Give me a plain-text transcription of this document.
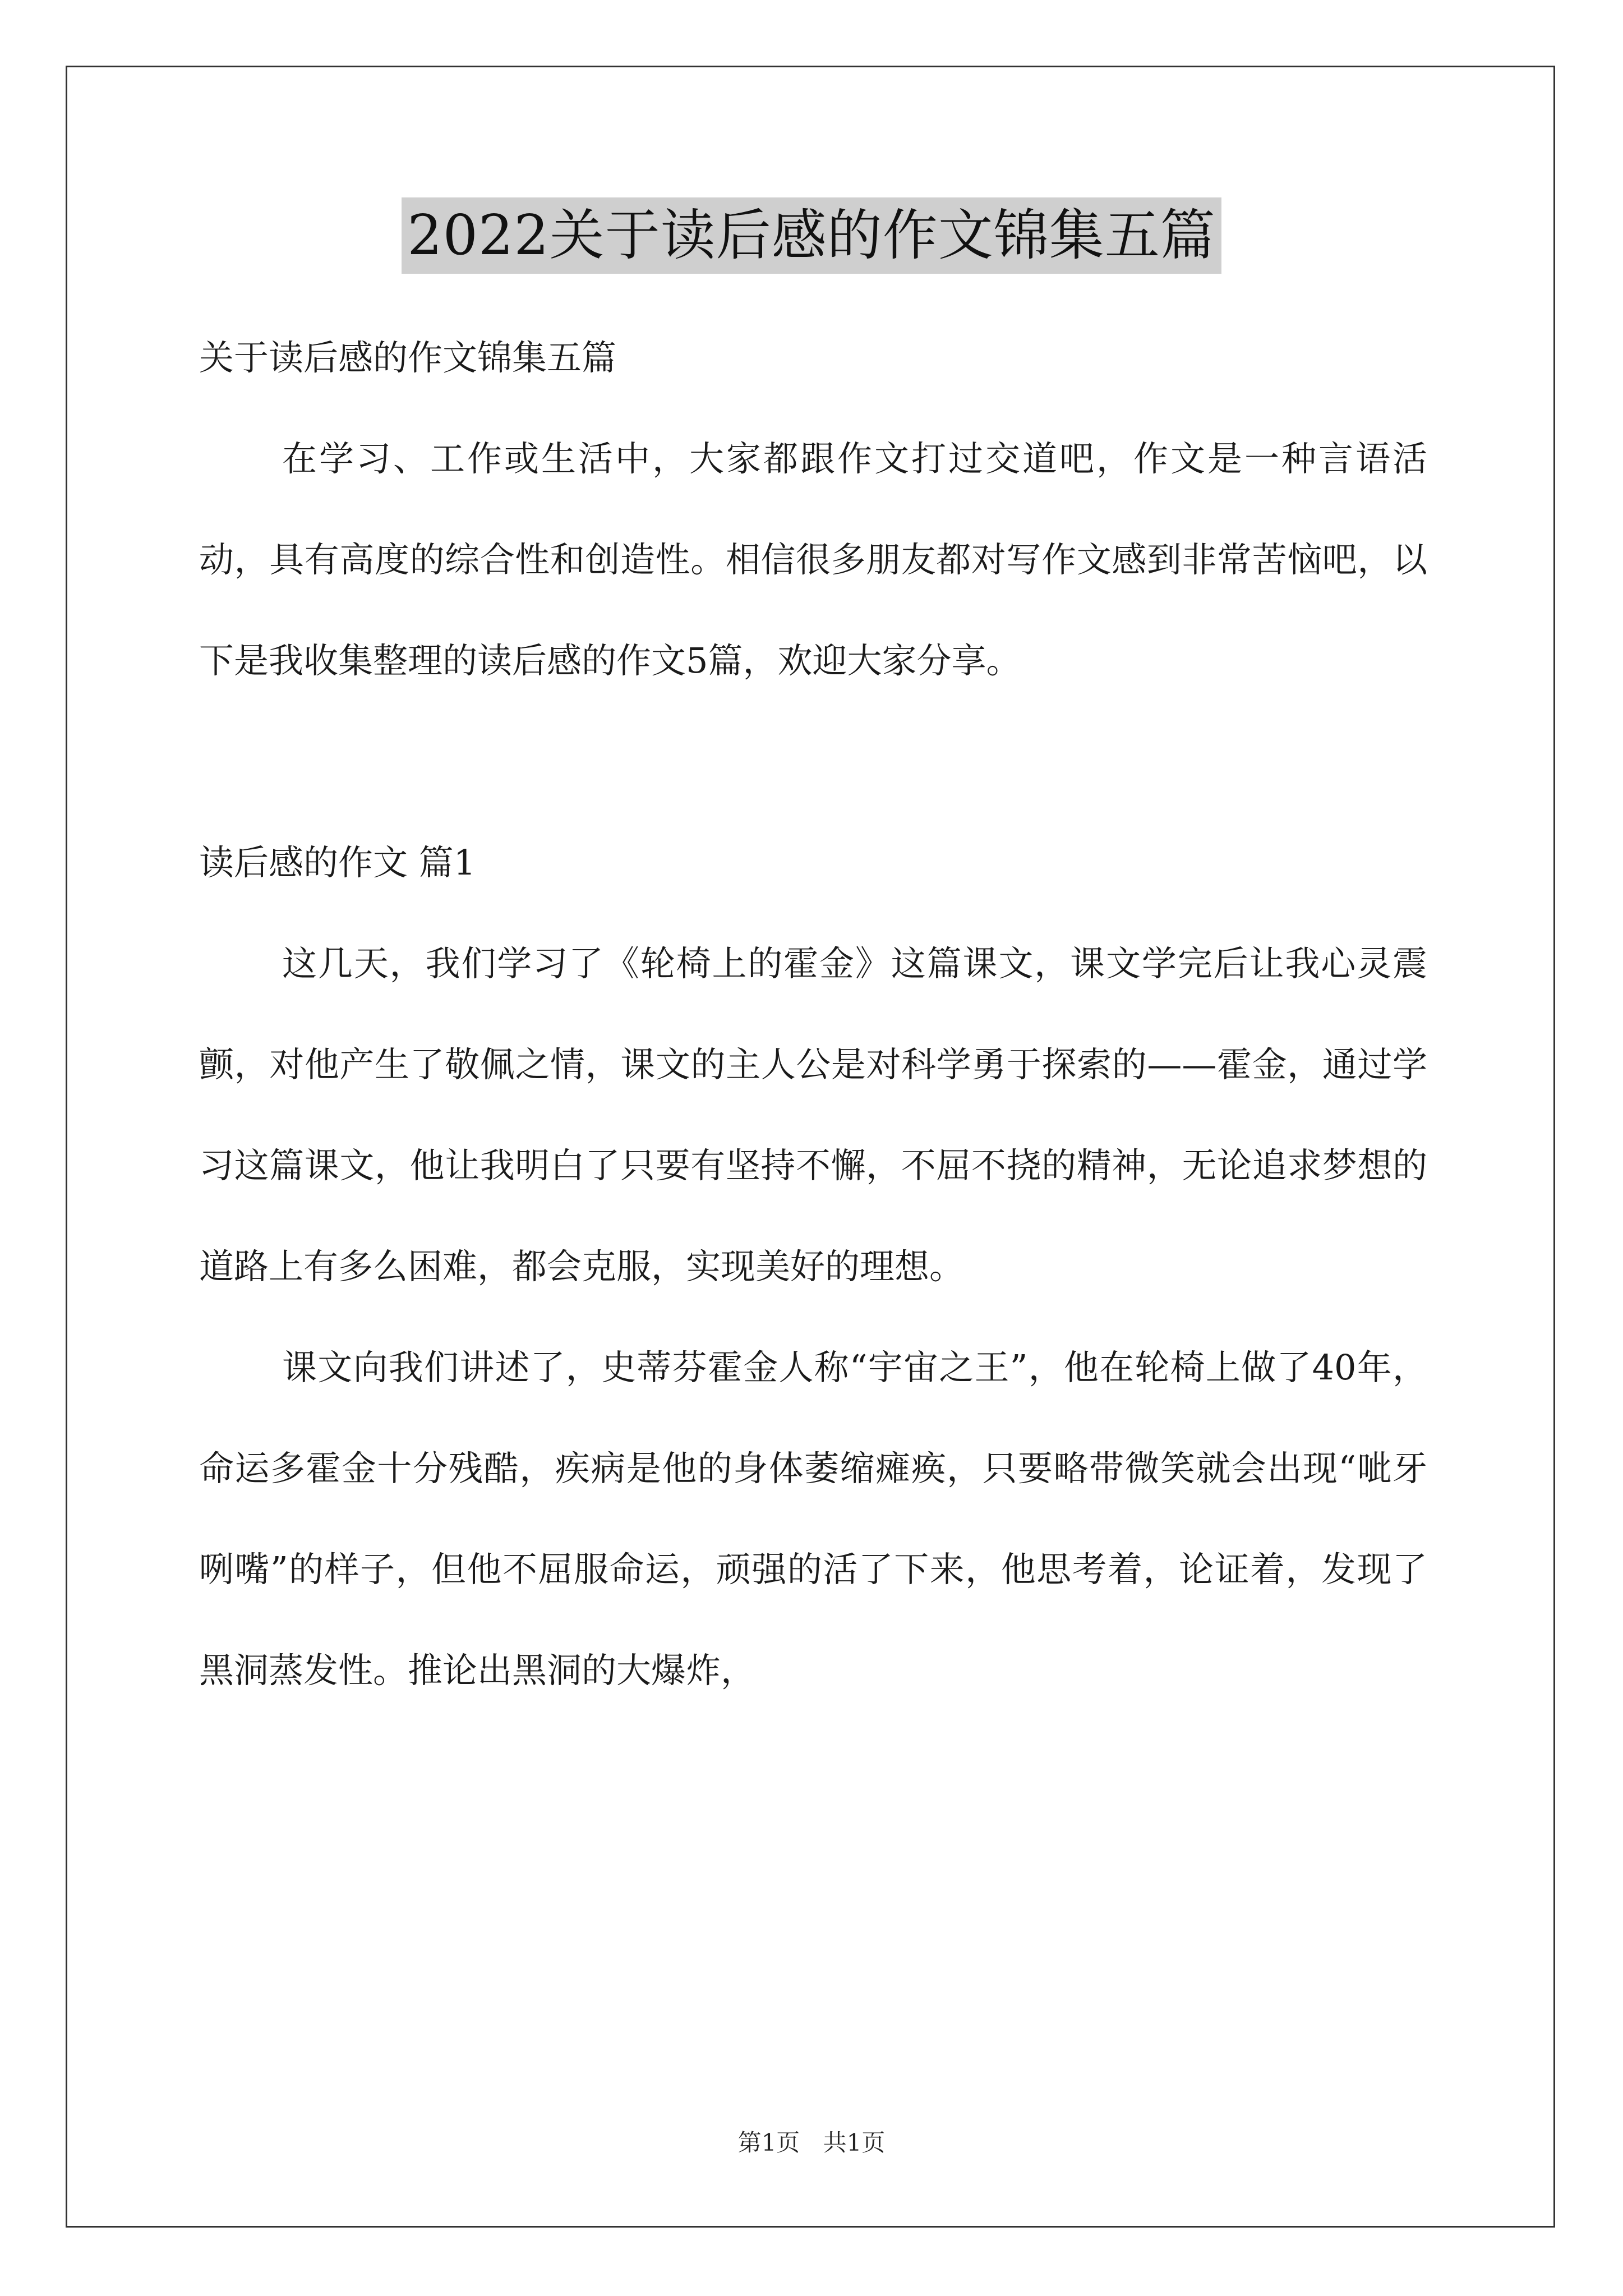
2022关于读后感的作文锦集五篇

关于读后感的作文锦集五篇

在学习、工作或生活中，大家都跟作文打过交道吧，作文是一种言语活动，具有高度的综合性和创造性。相信很多朋友都对写作文感到非常苦恼吧，以下是我收集整理的读后感的作文5篇，欢迎大家分享。

读后感的作文 篇1

这几天，我们学习了《轮椅上的霍金》这篇课文，课文学完后让我心灵震颤，对他产生了敬佩之情，课文的主人公是对科学勇于探索的——霍金，通过学习这篇课文，他让我明白了只要有坚持不懈，不屈不挠的精神，无论追求梦想的道路上有多么困难，都会克服，实现美好的理想。

课文向我们讲述了，史蒂芬霍金人称“宇宙之王”，他在轮椅上做了40年，命运多霍金十分残酷，疾病是他的身体萎缩瘫痪，只要略带微笑就会出现“呲牙咧嘴”的样子，但他不屈服命运，顽强的活了下来，他思考着，论证着，发现了黑洞蒸发性。推论出黑洞的大爆炸，

第1页 共1页
